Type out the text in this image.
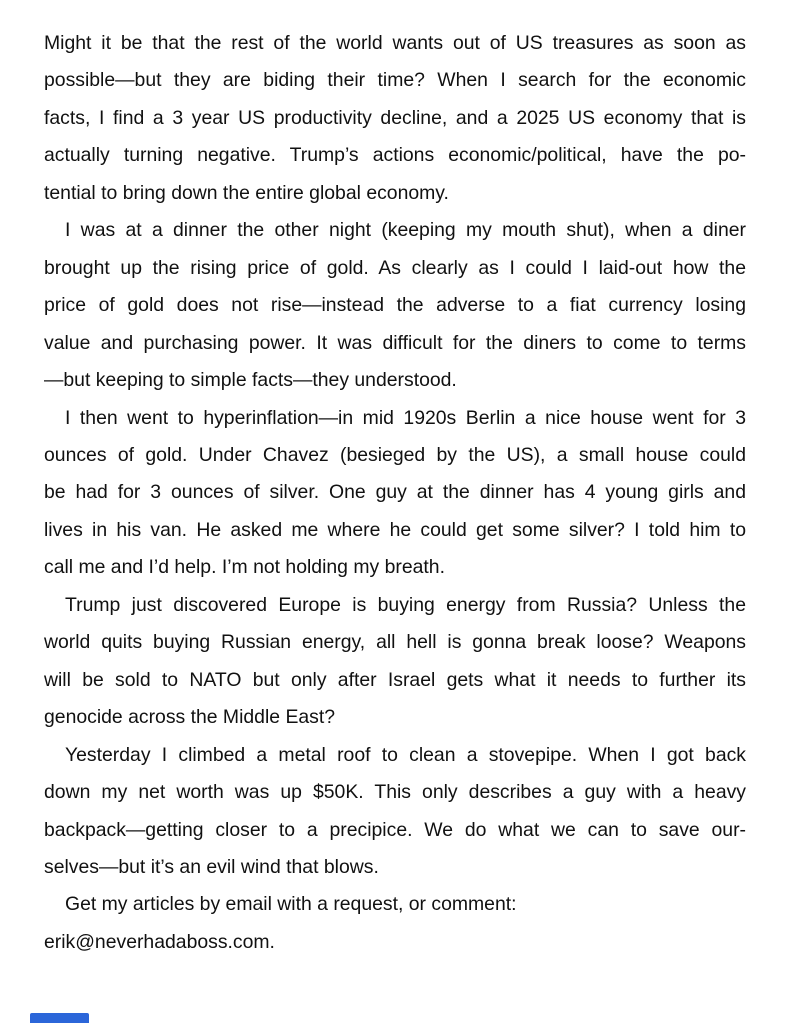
Might it be that the rest of the world wants out of US treasures as soon as
possible—but they are biding their time? When I search for the economic
facts, I find a 3 year US productivity decline, and a 2025 US economy that is
actually turning negative. Trump’s actions economic/political, have the po-
tential to bring down the entire global economy.
I was at a dinner the other night (keeping my mouth shut), when a diner
brought up the rising price of gold. As clearly as I could I laid-out how the
price of gold does not rise—instead the adverse to a fiat currency losing
value and purchasing power. It was difficult for the diners to come to terms
—but keeping to simple facts—they understood.
I then went to hyperinflation—in mid 1920s Berlin a nice house went for 3
ounces of gold. Under Chavez (besieged by the US), a small house could
be had for 3 ounces of silver. One guy at the dinner has 4 young girls and
lives in his van. He asked me where he could get some silver? I told him to
call me and I’d help. I’m not holding my breath.
Trump just discovered Europe is buying energy from Russia? Unless the
world quits buying Russian energy, all hell is gonna break loose? Weapons
will be sold to NATO but only after Israel gets what it needs to further its
genocide across the Middle East?
Yesterday I climbed a metal roof to clean a stovepipe. When I got back
down my net worth was up $50K. This only describes a guy with a heavy
backpack—getting closer to a precipice. We do what we can to save our-
selves—but it’s an evil wind that blows.
Get my articles by email with a request, or comment:
erik@neverhadaboss.com.
